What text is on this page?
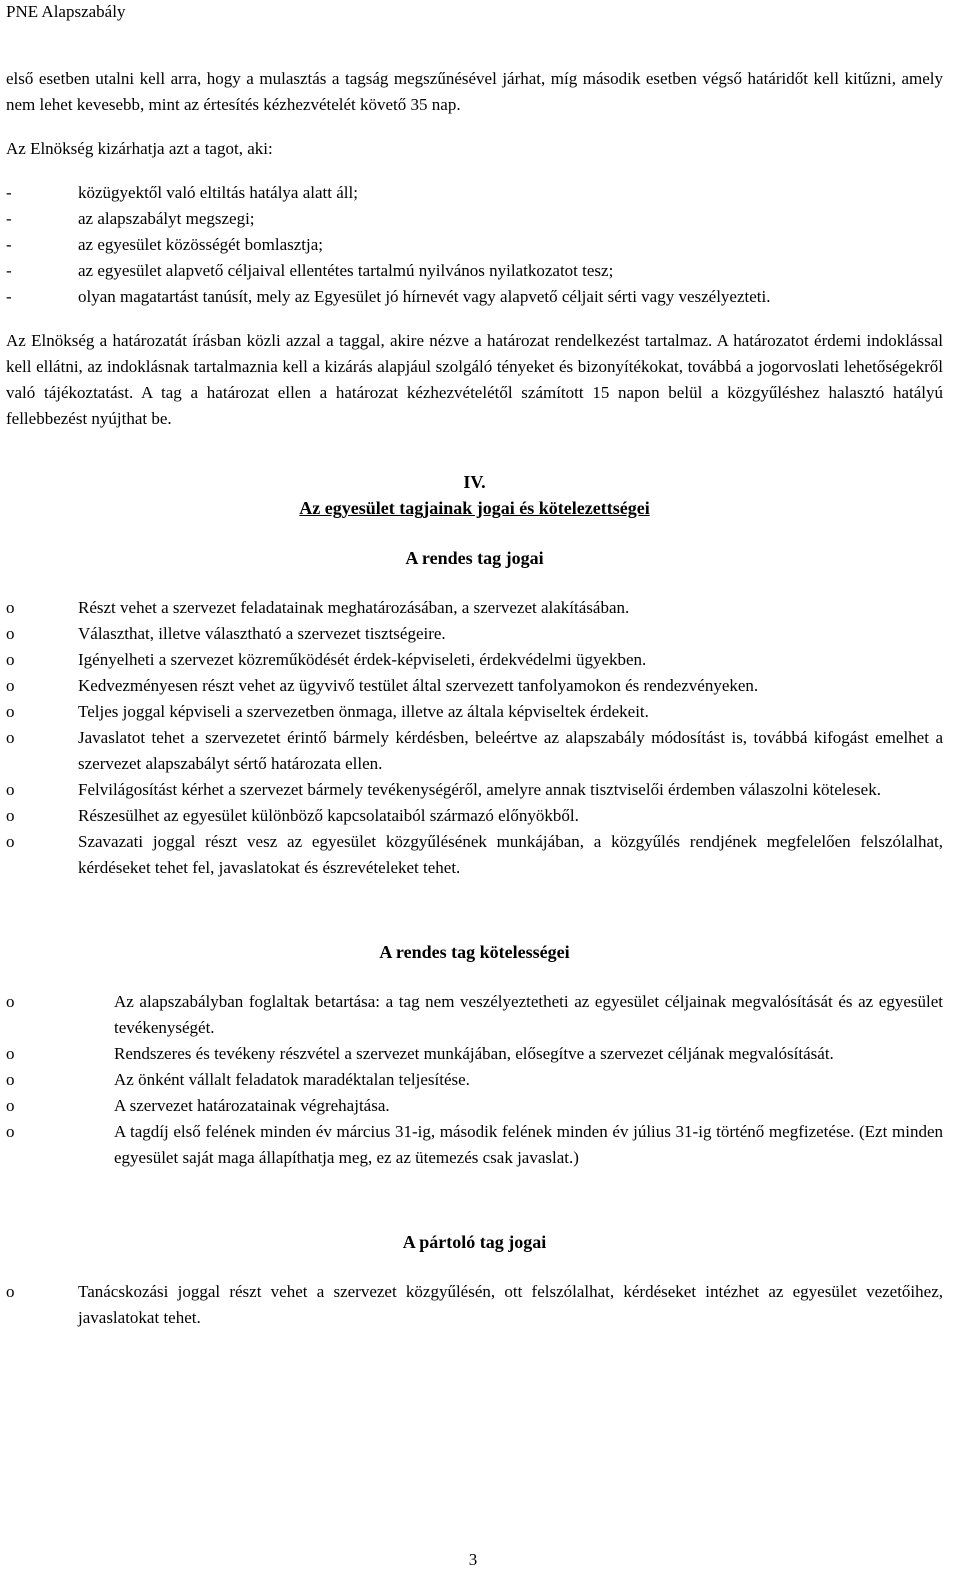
PNE Alapszabály

első esetben utalni kell arra, hogy a mulasztás a tagság megszűnésével járhat, míg második esetben végső határidőt kell kitűzni, amely nem lehet kevesebb, mint az értesítés kézhezvételét követő 35 nap.

Az Elnökség kizárhatja azt a tagot, aki:

-	közügyektől való eltiltás hatálya alatt áll;
-	az alapszabályt megszegi;
-	az egyesület közösségét bomlasztja;
-	az egyesület alapvető céljaival ellentétes tartalmú nyilvános nyilatkozatot tesz;
-	olyan magatartást tanúsít, mely az Egyesület jó hírnevét vagy alapvető céljait sérti vagy veszélyezteti.

Az Elnökség a határozatát írásban közli azzal a taggal, akire nézve a határozat rendelkezést tartalmaz. A határozatot érdemi indoklással kell ellátni, az indoklásnak tartalmaznia kell a kizárás alapjául szolgáló tényeket és bizonyítékokat, továbbá a jogorvoslati lehetőségekről való tájékoztatást. A tag a határozat ellen a határozat kézhezvételétől számított 15 napon belül a közgyűléshez halasztó hatályú fellebbezést nyújthat be.

IV.
Az egyesület tagjainak jogai és kötelezettségei
A rendes tag jogai
o	Részt vehet a szervezet feladatainak meghatározásában, a szervezet alakításában.
o	Választhat, illetve választható a szervezet tisztségeire.
o	Igényelheti a szervezet közreműködését érdek-képviseleti, érdekvédelmi ügyekben.
o	Kedvezményesen részt vehet az ügyvivő testület által szervezett tanfolyamokon és rendezvényeken.
o	Teljes joggal képviseli a szervezetben önmaga, illetve az általa képviseltek érdekeit.
o	Javaslatot tehet a szervezetet érintő bármely kérdésben, beleértve az alapszabály módosítást is, továbbá kifogást emelhet a szervezet alapszabályt sértő határozata ellen.
o	Felvilágosítást kérhet a szervezet bármely tevékenységéről, amelyre annak tisztviselői érdemben válaszolni kötelesek.
o	Részesülhet az egyesület különböző kapcsolataiból származó előnyökből.
o	Szavazati joggal részt vesz az egyesület közgyűlésének munkájában, a közgyűlés rendjének megfelelően felszólalhat, kérdéseket tehet fel, javaslatokat és észrevételeket tehet.
A rendes tag kötelességei
o	Az alapszabályban foglaltak betartása: a tag nem veszélyeztetheti az egyesület céljainak megvalósítását és az egyesület tevékenységét.
o	Rendszeres és tevékeny részvétel a szervezet munkájában, elősegítve a szervezet céljának megvalósítását.
o	Az önként vállalt feladatok maradéktalan teljesítése.
o	A szervezet határozatainak végrehajtása.
o	A tagdíj első felének minden év március 31-ig, második felének minden év július 31-ig történő megfizetése. (Ezt minden egyesület saját maga állapíthatja meg, ez az ütemezés csak javaslat.)
A pártoló tag jogai
o	Tanácskozási joggal részt vehet a szervezet közgyűlésén, ott felszólalhat, kérdéseket intézhet az egyesület vezetőihez, javaslatokat tehet.
3
